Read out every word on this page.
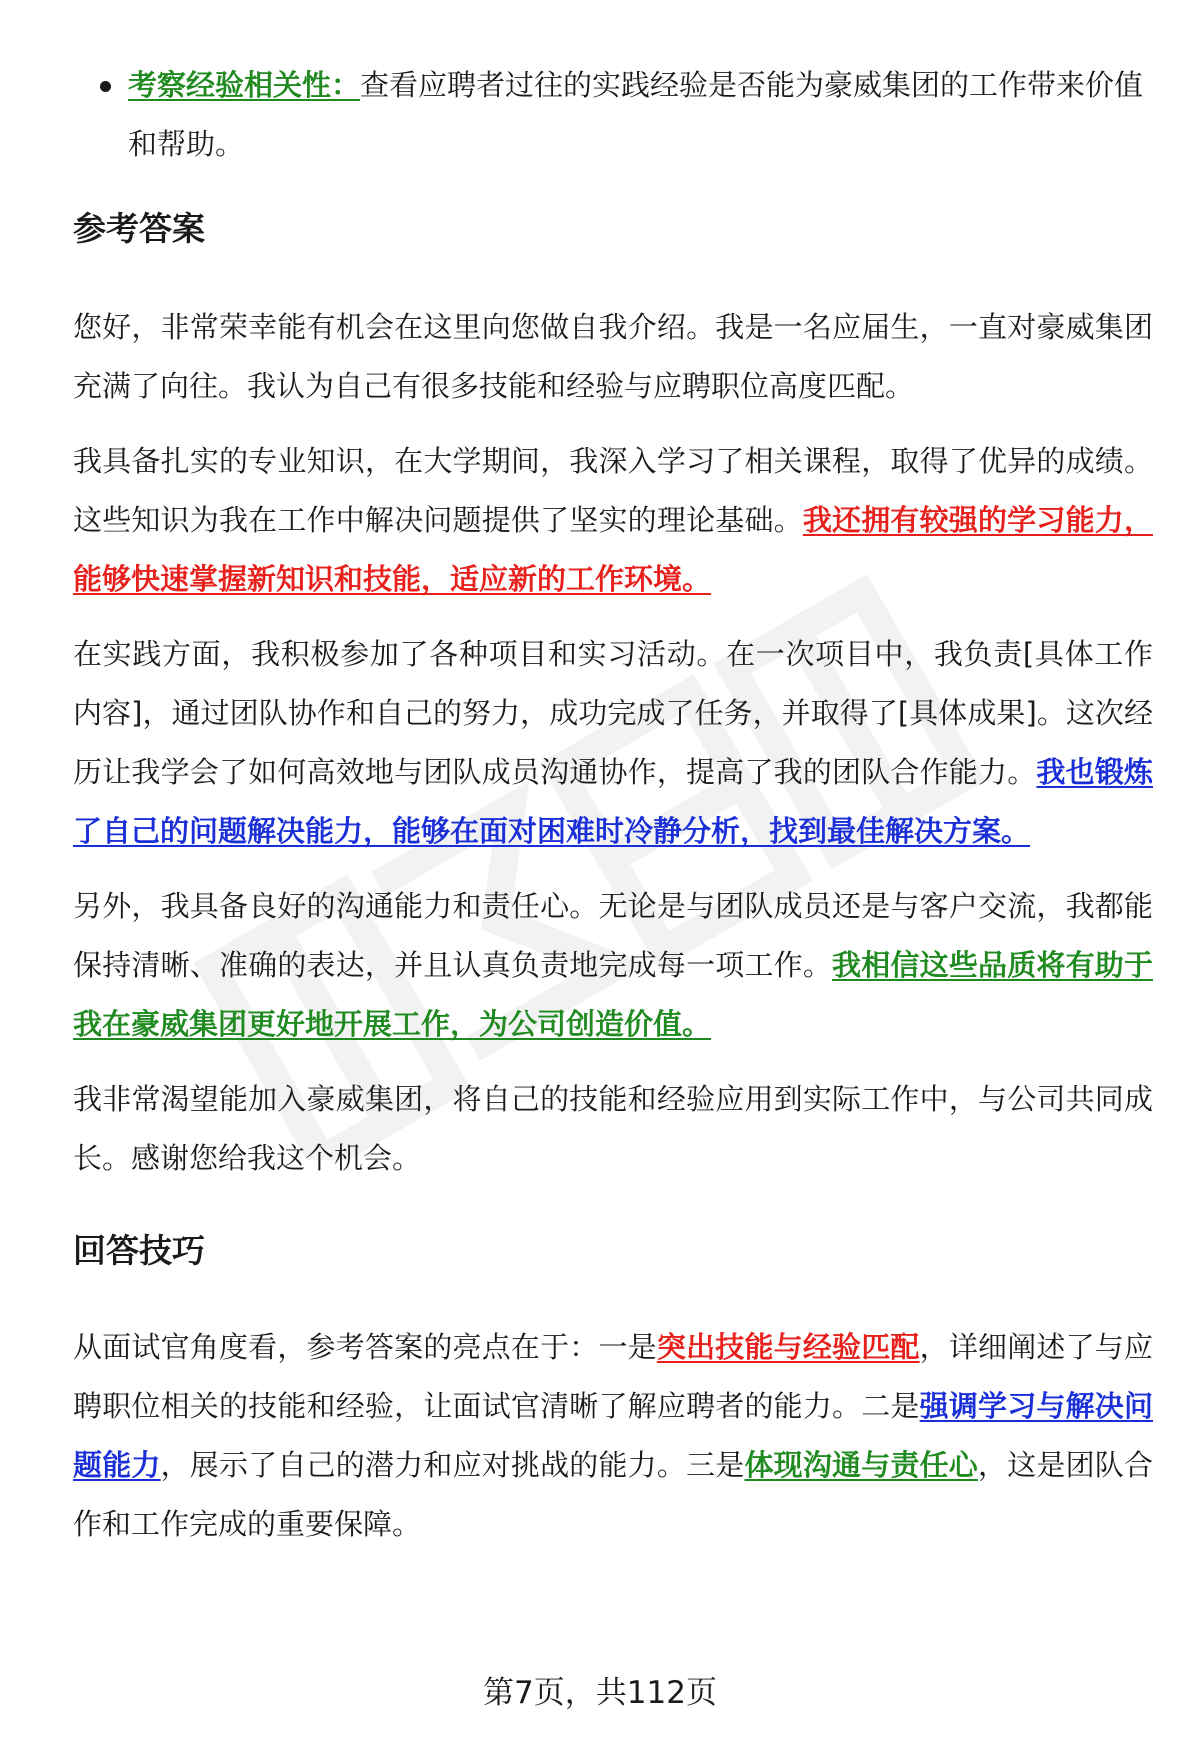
考察经验相关性：查看应聘者过往的实践经验是否能为豪威集团的工作带来价值和帮助。
参考答案

您好，非常荣幸能有机会在这里向您做自我介绍。我是一名应届生，一直对豪威集团充满了向往。我认为自己有很多技能和经验与应聘职位高度匹配。

我具备扎实的专业知识，在大学期间，我深入学习了相关课程，取得了优异的成绩。这些知识为我在工作中解决问题提供了坚实的理论基础。我还拥有较强的学习能力，能够快速掌握新知识和技能，适应新的工作环境。

在实践方面，我积极参加了各种项目和实习活动。在一次项目中，我负责[具体工作内容]，通过团队协作和自己的努力，成功完成了任务，并取得了[具体成果]。这次经历让我学会了如何高效地与团队成员沟通协作，提高了我的团队合作能力。我也锻炼了自己的问题解决能力，能够在面对困难时冷静分析，找到最佳解决方案。

另外，我具备良好的沟通能力和责任心。无论是与团队成员还是与客户交流，我都能保持清晰、准确的表达，并且认真负责地完成每一项工作。我相信这些品质将有助于我在豪威集团更好地开展工作，为公司创造价值。

我非常渴望能加入豪威集团，将自己的技能和经验应用到实际工作中，与公司共同成长。感谢您给我这个机会。

回答技巧

从面试官角度看，参考答案的亮点在于：一是突出技能与经验匹配，详细阐述了与应聘职位相关的技能和经验，让面试官清晰了解应聘者的能力。二是强调学习与解决问题能力，展示了自己的潜力和应对挑战的能力。三是体现沟通与责任心，这是团队合作和工作完成的重要保障。

第7页，共112页
